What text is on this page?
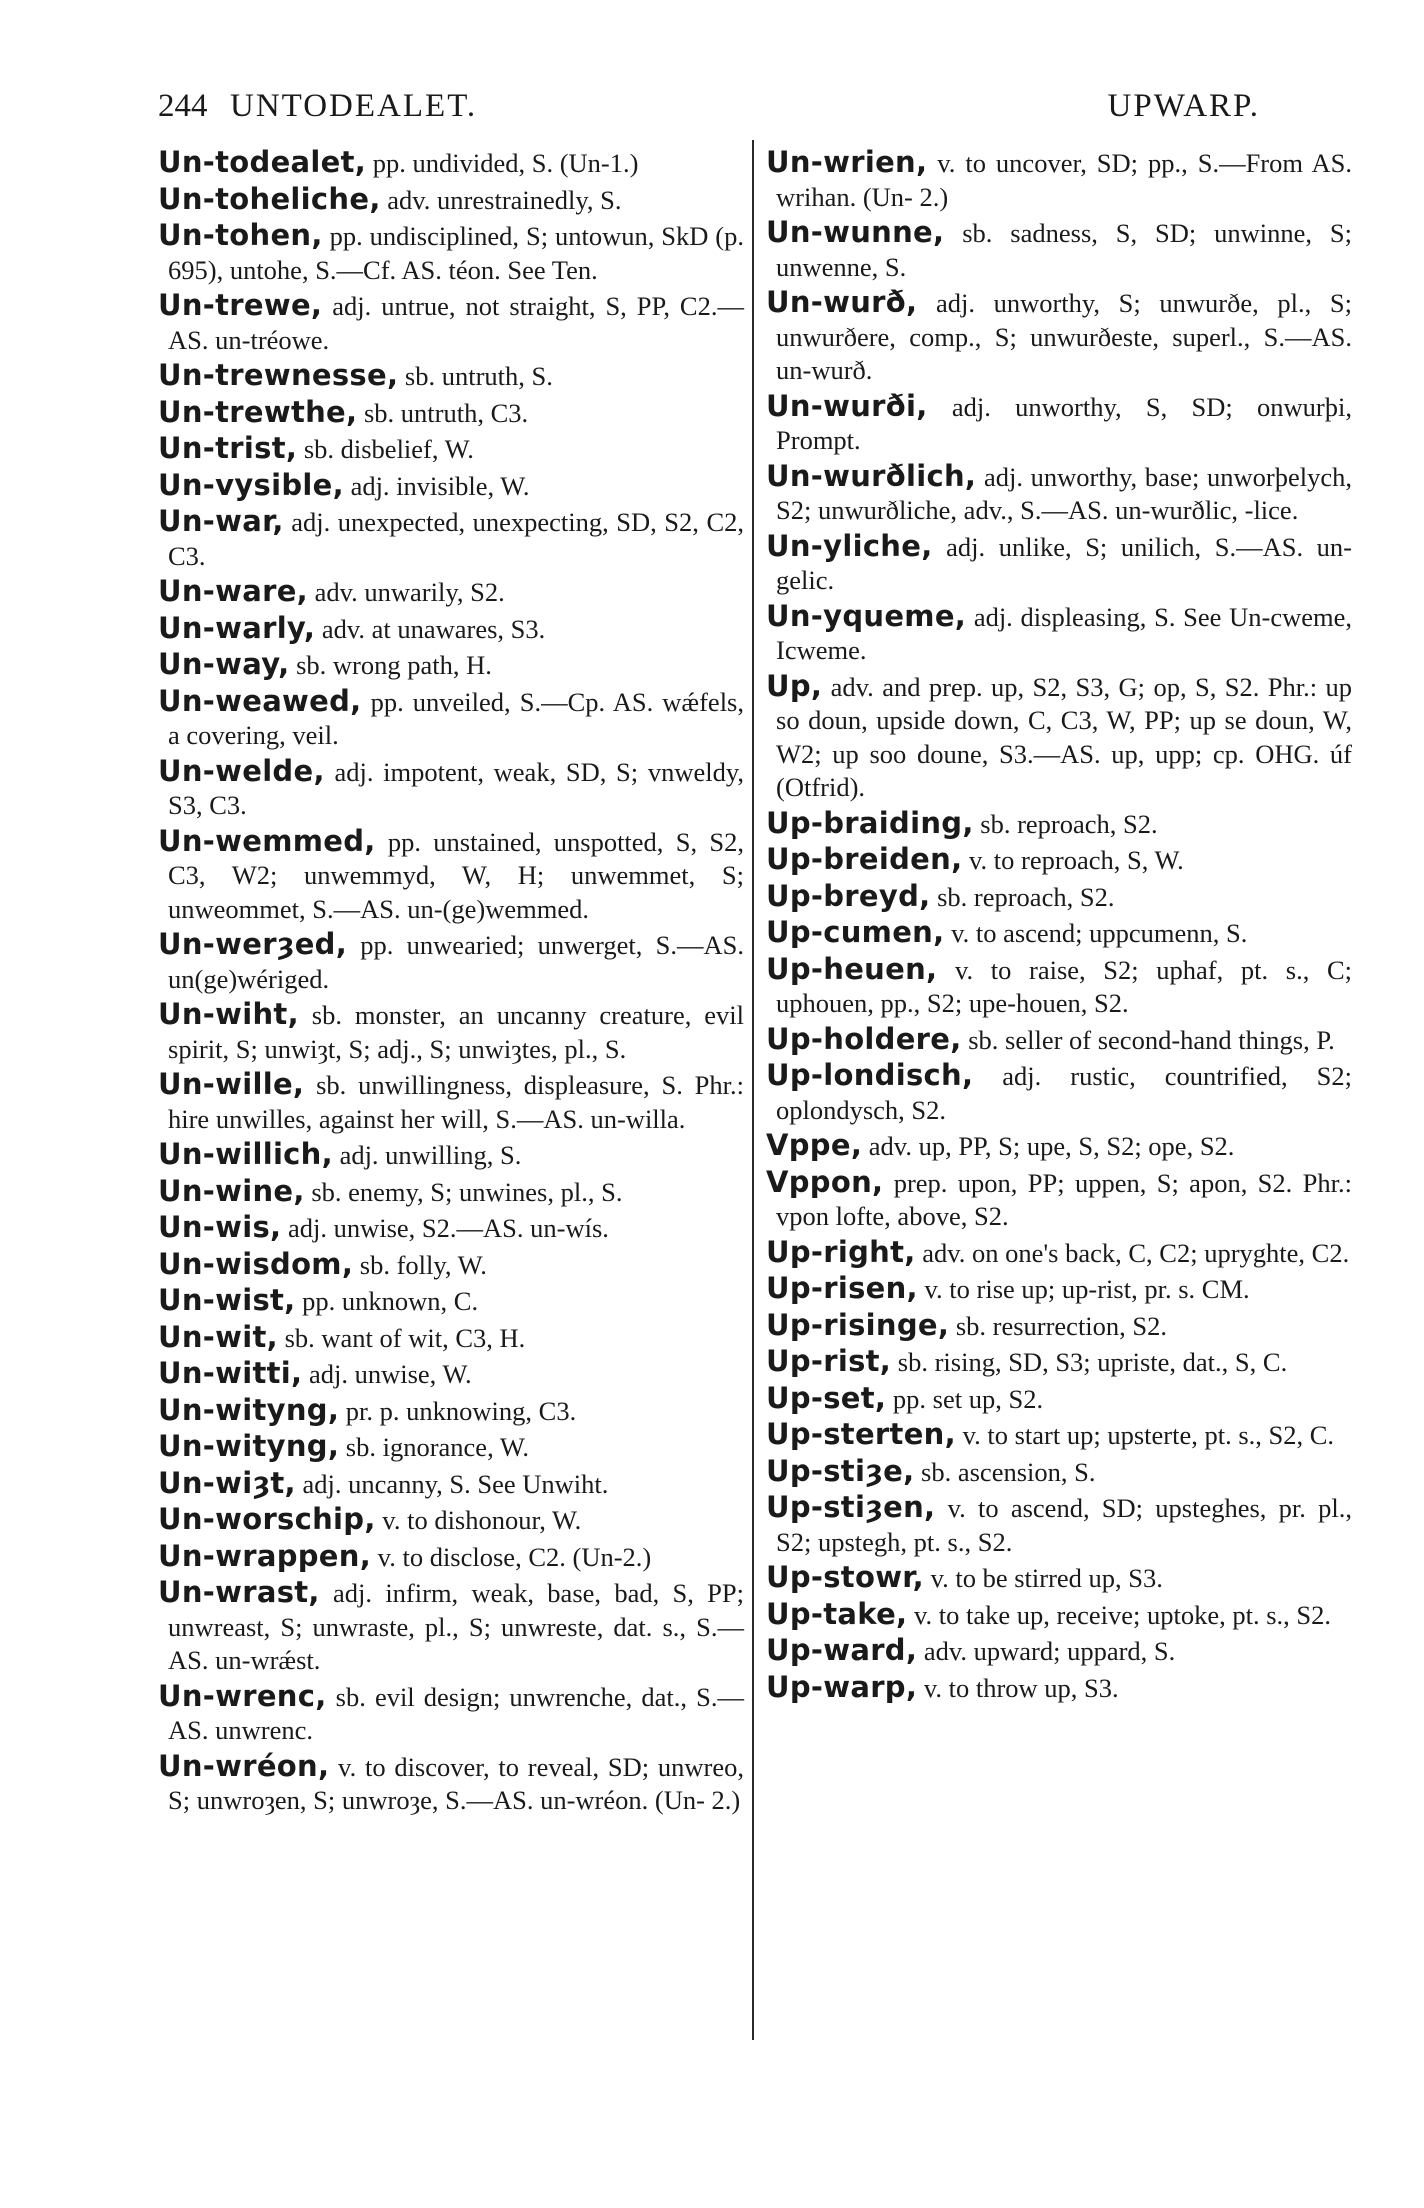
244 UNTODEALET.	UPWARP.

Un-todealet, pp. undivided, S. (Un-1.)

Un-toheliche, adv. unrestrainedly, S.

Un-tohen, pp. undisciplined, S; untowun, SkD (p. 695), untohe, S.—Cf. AS. téon. See Ten.

Un-trewe, adj. untrue, not straight, S, PP, C2.—AS. un-tréowe.

Un-trewnesse, sb. untruth, S.

Un-trewthe, sb. untruth, C3.

Un-trist, sb. disbelief, W.

Un-vysible, adj. invisible, W.

Un-war, adj. unexpected, unexpecting, SD, S2, C2, C3.

Un-ware, adv. unwarily, S2.

Un-warly, adv. at unawares, S3.

Un-way, sb. wrong path, H.

Un-weawed, pp. unveiled, S.—Cp. AS. wǽfels, a covering, veil.

Un-welde, adj. impotent, weak, SD, S; vnweldy, S3, C3.

Un-wemmed, pp. unstained, unspotted, S, S2, C3, W2; unwemmyd, W, H; unwemmet, S; unweommet, S.—AS. un-(ge)wemmed.

Un-werȝed, pp. unwearied; unwerget, S.—AS. un(ge)wériged.

Un-wiht, sb. monster, an uncanny creature, evil spirit, S; unwiȝt, S; adj., S; unwiȝtes, pl., S.

Un-wille, sb. unwillingness, displeasure, S. Phr.: hire unwilles, against her will, S.—AS. un-willa.

Un-willich, adj. unwilling, S.

Un-wine, sb. enemy, S; unwines, pl., S.

Un-wis, adj. unwise, S2.—AS. un-wís.

Un-wisdom, sb. folly, W.

Un-wist, pp. unknown, C.

Un-wit, sb. want of wit, C3, H.

Un-witti, adj. unwise, W.

Un-wityng, pr. p. unknowing, C3.

Un-wityng, sb. ignorance, W.

Un-wiȝt, adj. uncanny, S. See Unwiht.

Un-worschip, v. to dishonour, W.

Un-wrappen, v. to disclose, C2. (Un-2.)

Un-wrast, adj. infirm, weak, base, bad, S, PP; unwreast, S; unwraste, pl., S; unwreste, dat. s., S.—AS. un-wrǽst.

Un-wrenc, sb. evil design; unwrenche, dat., S.—AS. unwrenc.

Un-wréon, v. to discover, to reveal, SD; unwreo, S; unwroȝen, S; unwroȝe, S.—AS. un-wréon. (Un- 2.)

Un-wrien, v. to uncover, SD; pp., S.—From AS. wrihan. (Un- 2.)

Un-wunne, sb. sadness, S, SD; unwinne, S; unwenne, S.

Un-wurð, adj. unworthy, S; unwurðe, pl., S; unwurðere, comp., S; unwurðeste, superl., S.—AS. un-wurð.

Un-wurði, adj. unworthy, S, SD; onwurþi, Prompt.

Un-wurðlich, adj. unworthy, base; unworþelych, S2; unwurðliche, adv., S.—AS. un-wurðlic, -lice.

Un-yliche, adj. unlike, S; unilich, S.—AS. un-gelic.

Un-yqueme, adj. displeasing, S. See Un-cweme, Icweme.

Up, adv. and prep. up, S2, S3, G; op, S, S2. Phr.: up so doun, upside down, C, C3, W, PP; up se doun, W, W2; up soo doune, S3.—AS. up, upp; cp. OHG. úf (Otfrid).

Up-braiding, sb. reproach, S2.

Up-breiden, v. to reproach, S, W.

Up-breyd, sb. reproach, S2.

Up-cumen, v. to ascend; uppcumenn, S.

Up-heuen, v. to raise, S2; uphaf, pt. s., C; uphouen, pp., S2; upe-houen, S2.

Up-holdere, sb. seller of second-hand things, P.

Up-londisch, adj. rustic, countrified, S2; oplondysch, S2.

Vppe, adv. up, PP, S; upe, S, S2; ope, S2.

Vppon, prep. upon, PP; uppen, S; apon, S2. Phr.: vpon lofte, above, S2.

Up-right, adv. on one's back, C, C2; upryghte, C2.

Up-risen, v. to rise up; up-rist, pr. s. CM.

Up-risinge, sb. resurrection, S2.

Up-rist, sb. rising, SD, S3; upriste, dat., S, C.

Up-set, pp. set up, S2.

Up-sterten, v. to start up; upsterte, pt. s., S2, C.

Up-stiȝe, sb. ascension, S.

Up-stiȝen, v. to ascend, SD; upsteghes, pr. pl., S2; upstegh, pt. s., S2.

Up-stowr, v. to be stirred up, S3.

Up-take, v. to take up, receive; uptoke, pt. s., S2.

Up-ward, adv. upward; uppard, S.

Up-warp, v. to throw up, S3.
